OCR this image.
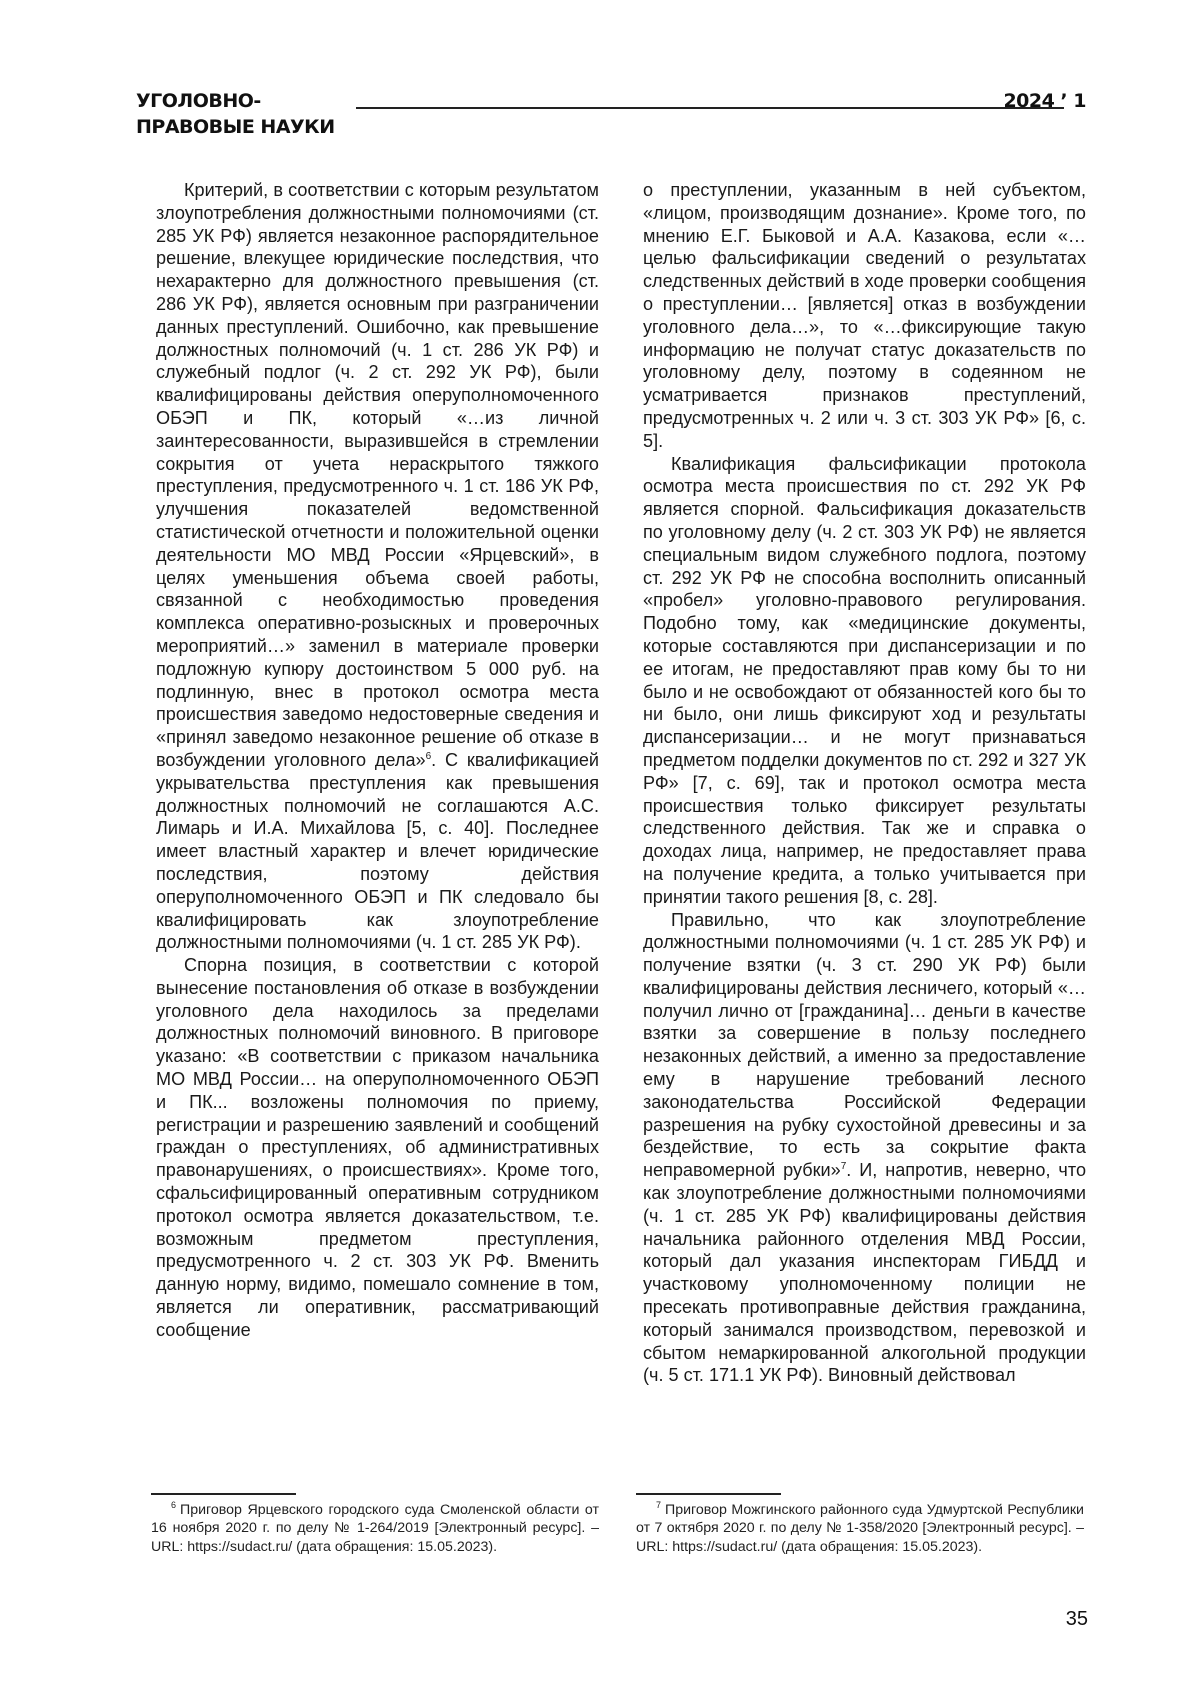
УГОЛОВНО-ПРАВОВЫЕ НАУКИ
2024 ’ 1

Критерий, в соответствии с которым результатом злоупотребления должностными полномочиями (ст. 285 УК РФ) является незаконное распорядительное решение, влекущее юридические последствия, что нехарактерно для должностного превышения (ст. 286 УК РФ), является основным при разграничении данных преступлений. Ошибочно, как превышение должностных полномочий (ч. 1 ст. 286 УК РФ) и служебный подлог (ч. 2 ст. 292 УК РФ), были квалифицированы действия оперуполномоченного ОБЭП и ПК, который «…из личной заинтересованности, выразившейся в стремлении сокрытия от учета нераскрытого тяжкого преступления, предусмотренного ч. 1 ст. 186 УК РФ, улучшения показателей ведомственной статистической отчетности и положительной оценки деятельности МО МВД России «Ярцевский», в целях уменьшения объема своей работы, связанной с необходимостью проведения комплекса оперативно-розыскных и проверочных мероприятий…» заменил в материале проверки подложную купюру достоинством 5 000 руб. на подлинную, внес в протокол осмотра места происшествия заведомо недостоверные сведения и «принял заведомо незаконное решение об отказе в возбуждении уголовного дела»$^6$. С квалификацией укрывательства преступления как превышения должностных полномочий не соглашаются А.С. Лимарь и И.А. Михайлова [5, с. 40]. Последнее имеет властный характер и влечет юридические последствия, поэтому действия оперуполномоченного ОБЭП и ПК следовало бы квалифицировать как злоупотребление должностными полномочиями (ч. 1 ст. 285 УК РФ).

Спорна позиция, в соответствии с которой вынесение постановления об отказе в возбуждении уголовного дела находилось за пределами должностных полномочий виновного. В приговоре указано: «В соответствии с приказом начальника МО МВД России… на оперуполномоченного ОБЭП и ПК... возложены полномочия по приему, регистрации и разрешению заявлений и сообщений граждан о преступлениях, об административных правонарушениях, о происшествиях». Кроме того, сфальсифицированный оперативным сотрудником протокол осмотра является доказательством, т.е. возможным предметом преступления, предусмотренного ч. 2 ст. 303 УК РФ. Вменить данную норму, видимо, помешало сомнение в том, является ли оперативник, рассматривающий сообщение

о преступлении, указанным в ней субъектом, «лицом, производящим дознание». Кроме того, по мнению Е.Г. Быковой и А.А. Казакова, если «…целью фальсификации сведений о результатах следственных действий в ходе проверки сообщения о преступлении… [является] отказ в возбуждении уголовного дела…», то «…фиксирующие такую информацию не получат статус доказательств по уголовному делу, поэтому в содеянном не усматривается признаков преступлений, предусмотренных ч. 2 или ч. 3 ст. 303 УК РФ» [6, с. 5].

Квалификация фальсификации протокола осмотра места происшествия по ст. 292 УК РФ является спорной. Фальсификация доказательств по уголовному делу (ч. 2 ст. 303 УК РФ) не является специальным видом служебного подлога, поэтому ст. 292 УК РФ не способна восполнить описанный «пробел» уголовно-правового регулирования. Подобно тому, как «медицинские документы, которые составляются при диспансеризации и по ее итогам, не предоставляют прав кому бы то ни было и не освобождают от обязанностей кого бы то ни было, они лишь фиксируют ход и результаты диспансеризации… и не могут признаваться предметом подделки документов по ст. 292 и 327 УК РФ» [7, с. 69], так и протокол осмотра места происшествия только фиксирует результаты следственного действия. Так же и справка о доходах лица, например, не предоставляет права на получение кредита, а только учитывается при принятии такого решения [8, с. 28].

Правильно, что как злоупотребление должностными полномочиями (ч. 1 ст. 285 УК РФ) и получение взятки (ч. 3 ст. 290 УК РФ) были квалифицированы действия лесничего, который «…получил лично от [гражданина]… деньги в качестве взятки за совершение в пользу последнего незаконных действий, а именно за предоставление ему в нарушение требований лесного законодательства Российской Федерации разрешения на рубку сухостойной древесины и за бездействие, то есть за сокрытие факта неправомерной рубки»$^7$. И, напротив, неверно, что как злоупотребление должностными полномочиями (ч. 1 ст. 285 УК РФ) квалифицированы действия начальника районного отделения МВД России, который дал указания инспекторам ГИБДД и участковому уполномоченному полиции не пресекать противоправные действия гражданина, который занимался производством, перевозкой и сбытом немаркированной алкогольной продукции (ч. 5 ст. 171.1 УК РФ). Виновный действовал

$^6$ Приговор Ярцевского городского суда Смоленской области от 16 ноября 2020 г. по делу № 1-264/2019 [Электронный ресурс]. – URL: https://sudact.ru/ (дата обращения: 15.05.2023).
$^7$ Приговор Можгинского районного суда Удмуртской Республики от 7 октября 2020 г. по делу № 1-358/2020 [Электронный ресурс]. – URL: https://sudact.ru/ (дата обращения: 15.05.2023).
35
